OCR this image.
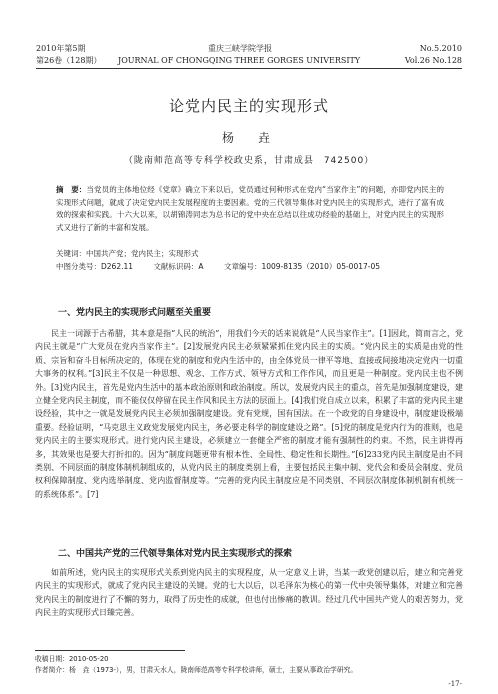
2010年第5期	重庆三峡学院学报	No.5.2010
第26卷（128期） JOURNAL OF CHONGQING THREE GORGES UNIVERSITY	Vol.26 No.128
论党内民主的实现形式
杨　垚
（陇南师范高等专科学校政史系，甘肃成县　742500）
摘　要：当党员的主体地位经《党章》确立下来以后，党员通过何种形式在党内“当家作主”的问题，亦即党内民主的实现形式问题，就成了决定党内民主发展程度的主要因素。党的三代领导集体对党内民主的实现形式，进行了富有成效的探索和实践。十六大以来，以胡锦涛同志为总书记的党中央在总结以往成功经验的基础上，对党内民主的实现形式又进行了新的丰富和发展。
关键词：中国共产党；党内民主；实现形式
中图分类号：D262.11	文献标识码：A	文章编号：1009-8135（2010）05-0017-05
一、党内民主的实现形式问题至关重要
民主一词源于古希腊，其本意是指“人民的统治”，用我们今天的话来说就是“人民当家作主”。[1]因此，简而言之，党内民主就是“广大党员在党内当家作主”。[2]发展党内民主必须紧紧抓住党内民主的实质。“党内民主的实质是由党的性质、宗旨和奋斗目标所决定的，体现在党的制度和党内生活中的，由全体党员一律平等地、直接或间接地决定党内一切重大事务的权利。”[3]民主不仅是一种思想、观念、工作方式、领导方式和工作作风，而且更是一种制度。党内民主也不例外。[3]党内民主，首先是党内生活中的基本政治原则和政治制度。所以，发展党内民主的重点，首先是加强制度建设，建立健全党内民主制度，而不能仅仅停留在民主作风和民主方法的层面上。[4]我们党自成立以来，积累了丰富的党内民主建设经验，其中之一就是发展党内民主必须加强制度建设。党有党规，国有国法。在一个政党的自身建设中，制度建设极端重要。经验证明，“马克思主义政党发展党内民主，务必要走科学的制度建设之路”。[5]党的制度是党内行为的准则，也是党内民主的主要实现形式。进行党内民主建设，必须建立一套健全严密的制度才能有强制性的约束。不然，民主讲得再多，其效果也是要大打折扣的。因为“制度问题更带有根本性、全局性、稳定性和长期性。”[6]233党内民主制度是由不同类别、不同层面的制度体制机制组成的，从党内民主的制度类别上看，主要包括民主集中制、党代会和委员会制度、党员权利保障制度、党内选举制度、党内监督制度等。“完善的党内民主制度应是不同类别、不同层次制度体制机制有机统一的系统体系”。[7]
二、中国共产党的三代领导集体对党内民主实现形式的探索
如前所述，党内民主的实现形式关系到党内民主的实现程度，从一定意义上讲，当某一政党创建以后，建立和完善党内民主的实现形式，就成了党内民主建设的关键。党的七大以后，以毛泽东为核心的第一代中央领导集体，对建立和完善党内民主的制度进行了不懈的努力，取得了历史性的成就，但也付出惨痛的教训。经过几代中国共产党人的艰苦努力，党内民主的实现形式日臻完善。
收稿日期：2010-05-20
作者简介：杨　垚（1973-），男，甘肃天水人，陇南师范高等专科学校讲师，硕士，主要从事政治学研究。
-17-
